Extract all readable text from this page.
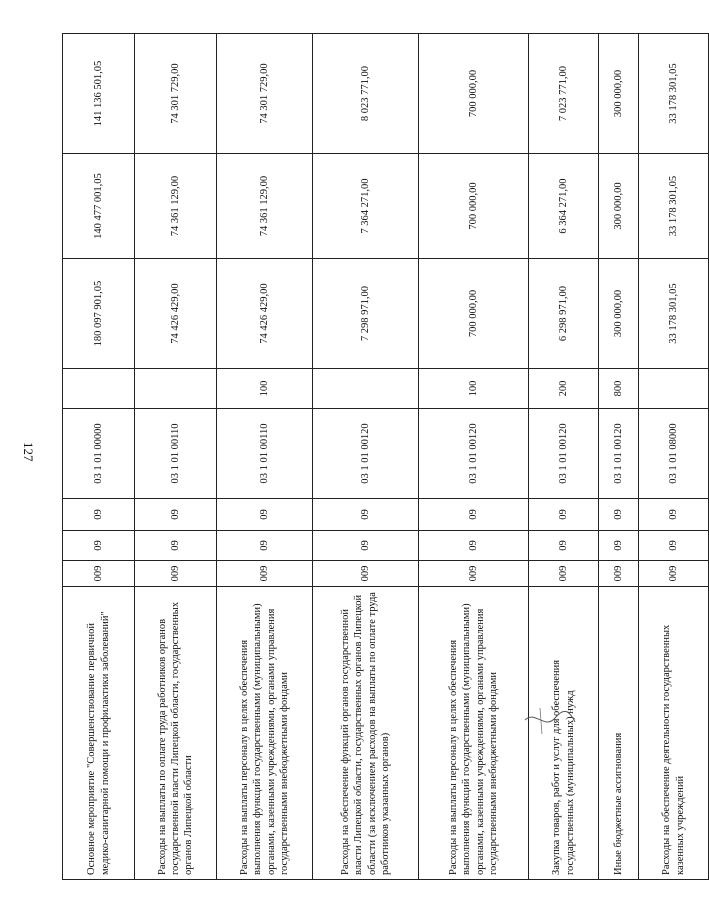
127
Основное мероприятие "Совершенствование первичной медико-санитарной помощи и профилактики заболеваний"	009	09	09	03 1 01 00000		180 097 901,05	140 477 001,05	141 136 501,05
Расходы на выплаты по оплате труда работников органов государственной власти Липецкой области, государственных органов Липецкой области	009	09	09	03 1 01 00110		74 426 429,00	74 361 129,00	74 301 729,00
Расходы на выплаты персоналу в целях обеспечения выполнения функций государственными (муниципальными) органами, казенными учреждениями, органами управления государственными внебюджетными фондами	009	09	09	03 1 01 00110	100	74 426 429,00	74 361 129,00	74 301 729,00
Расходы на обеспечение функций органов государственной власти Липецкой области, государственных органов Липецкой области (за исключением расходов на выплаты по оплате труда работников указанных органов)	009	09	09	03 1 01 00120		7 298 971,00	7 364 271,00	8 023 771,00
Расходы на выплаты персоналу в целях обеспечения выполнения функций государственными (муниципальными) органами, казенными учреждениями, органами управления государственными внебюджетными фондами	009	09	09	03 1 01 00120	100	700 000,00	700 000,00	700 000,00
Закупка товаров, работ и услуг для обеспечения государственных (муниципальных) нужд	009	09	09	03 1 01 00120	200	6 298 971,00	6 364 271,00	7 023 771,00
Иные бюджетные ассигнования	009	09	09	03 1 01 00120	800	300 000,00	300 000,00	300 000,00
Расходы на обеспечение деятельности государственных казенных учреждений	009	09	09	03 1 01 08000		33 178 301,05	33 178 301,05	33 178 301,05
